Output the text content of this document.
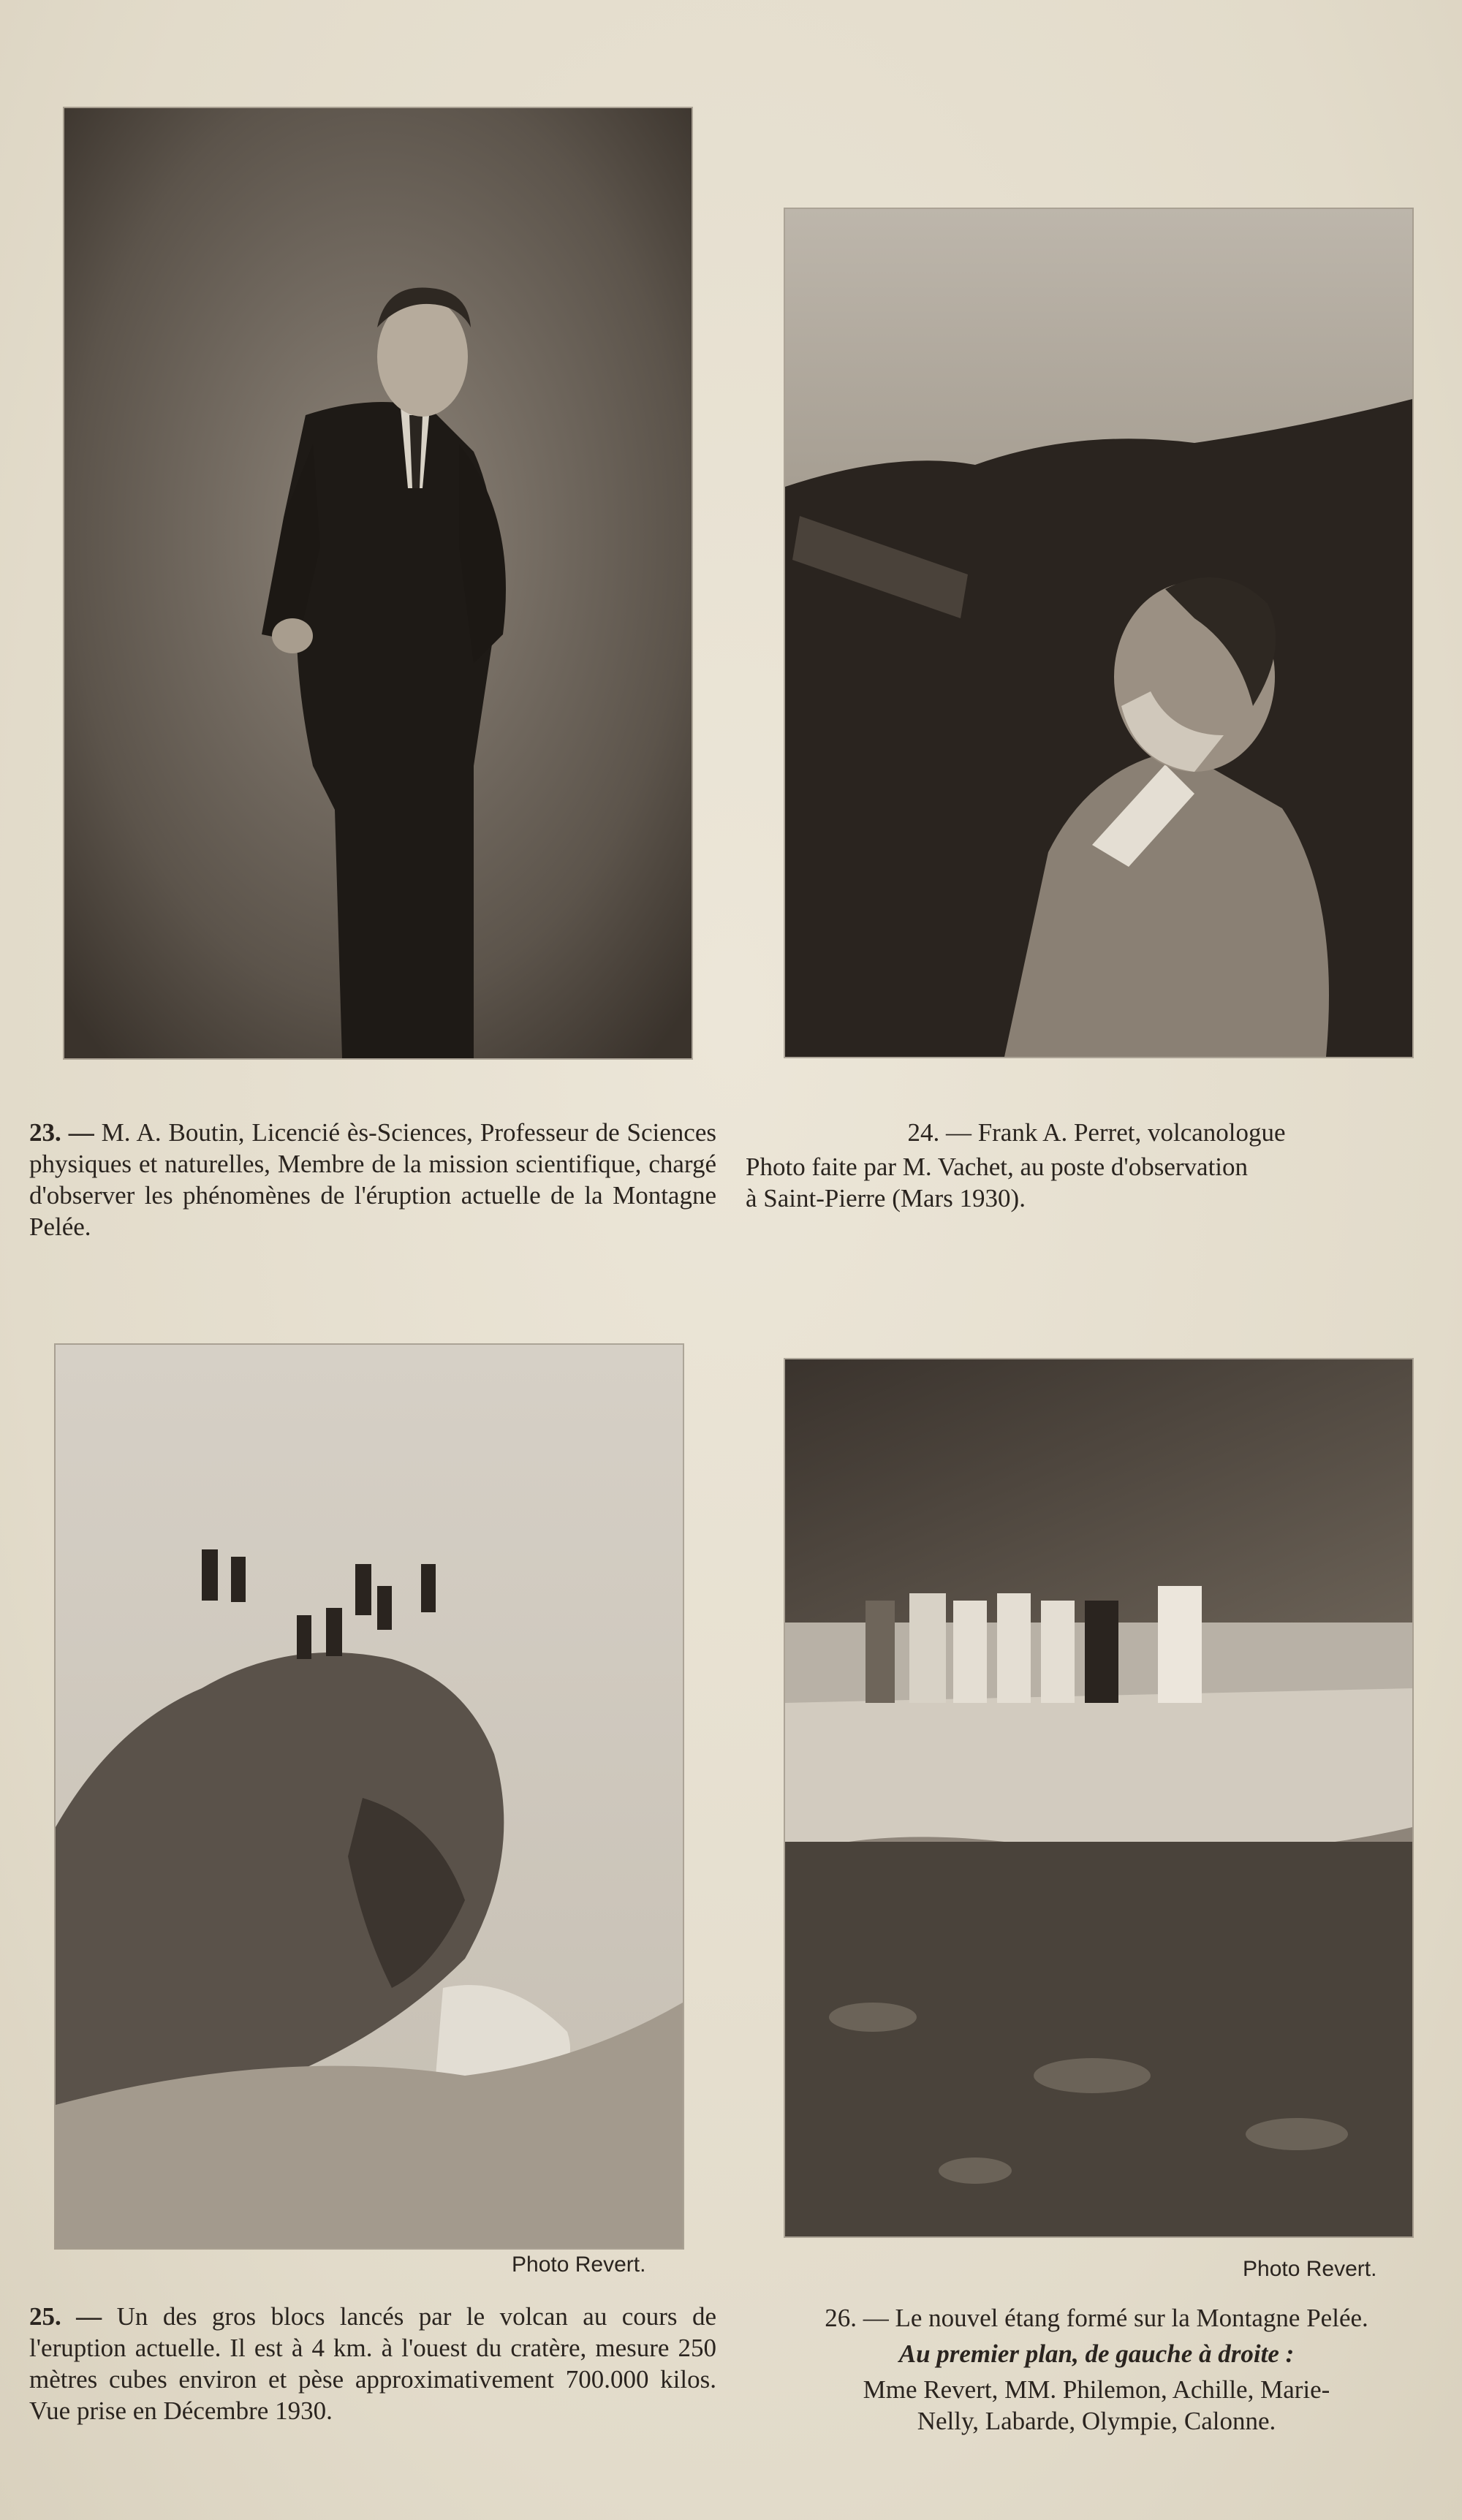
23. — M. A. Boutin, Licencié ès-Sciences, Professeur de Sciences physiques et naturelles, Membre de la mission scientifique, chargé d'observer les phénomènes de l'éruption actuelle de la Montagne Pelée.

24. — Frank A. Perret, volcanologue

Photo faite par M. Vachet, au poste d'observation

à Saint-Pierre (Mars 1930).

Photo Revert.	Photo Revert.

25. — Un des gros blocs lancés par le volcan au cours de l'eruption actuelle. Il est à 4 km. à l'ouest du cratère, mesure 250 mètres cubes environ et pèse approximativement 700.000 kilos. Vue prise en Décembre 1930.

26. — Le nouvel étang formé sur la Montagne Pelée.

Au premier plan, de gauche à droite :

Mme Revert, MM. Philemon, Achille, Marie-

Nelly, Labarde, Olympie, Calonne.
